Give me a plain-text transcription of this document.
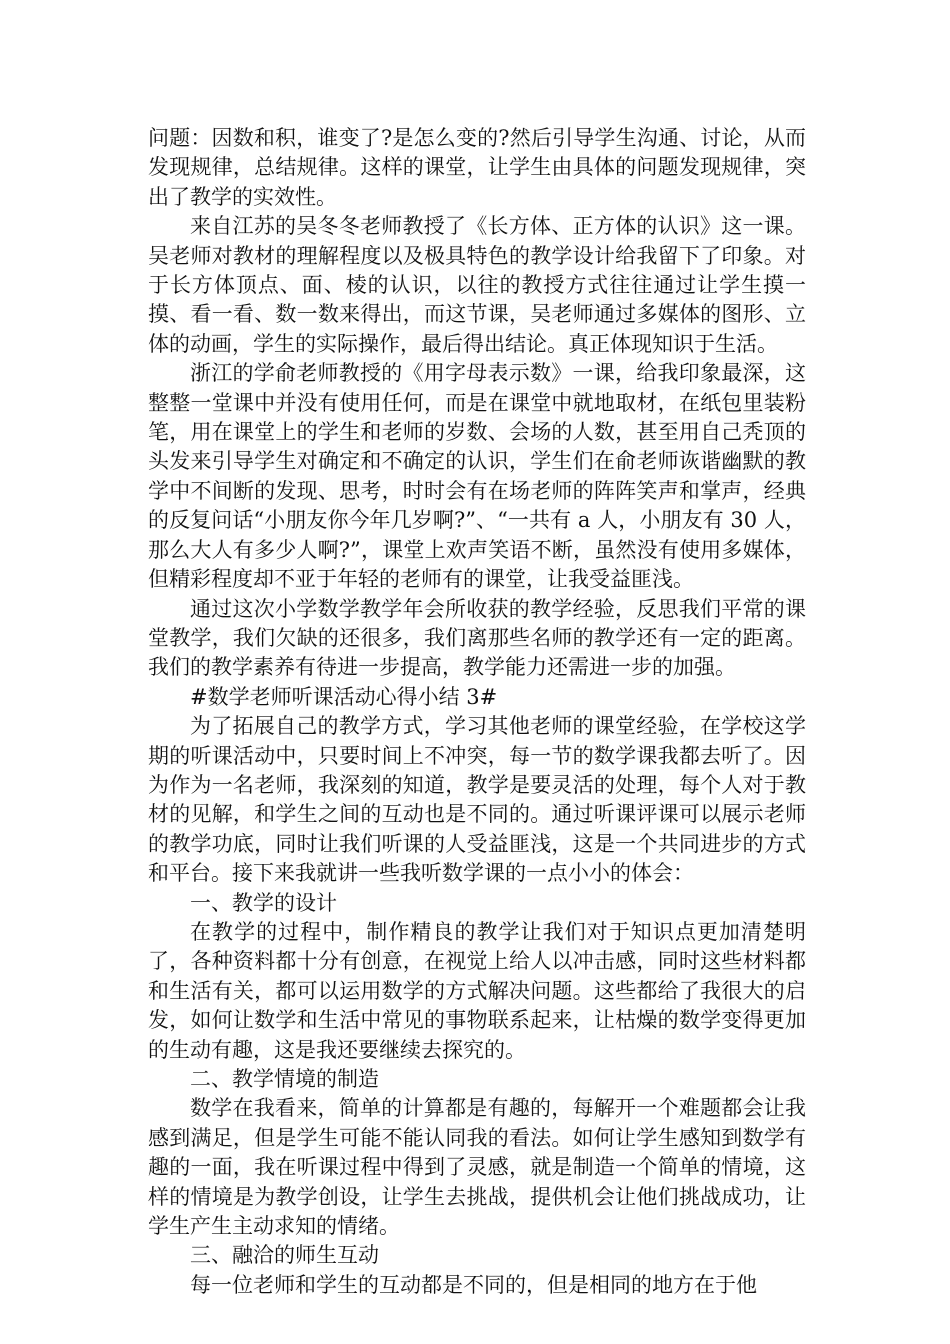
问题：因数和积，谁变了?是怎么变的?然后引导学生沟通、讨论，从而发现规律，总结规律。这样的课堂，让学生由具体的问题发现规律，突出了教学的实效性。

来自江苏的吴冬冬老师教授了《长方体、正方体的认识》这一课。吴老师对教材的理解程度以及极具特色的教学设计给我留下了印象。对于长方体顶点、面、棱的认识，以往的教授方式往往通过让学生摸一摸、看一看、数一数来得出，而这节课，吴老师通过多媒体的图形、立体的动画，学生的实际操作，最后得出结论。真正体现知识于生活。

浙江的学俞老师教授的《用字母表示数》一课，给我印象最深，这整整一堂课中并没有使用任何，而是在课堂中就地取材，在纸包里装粉笔，用在课堂上的学生和老师的岁数、会场的人数，甚至用自己秃顶的头发来引导学生对确定和不确定的认识，学生们在俞老师诙谐幽默的教学中不间断的发现、思考，时时会有在场老师的阵阵笑声和掌声，经典的反复问话“小朋友你今年几岁啊?”、“一共有 a 人，小朋友有 30 人，那么大人有多少人啊?”，课堂上欢声笑语不断，虽然没有使用多媒体，但精彩程度却不亚于年轻的老师有的课堂，让我受益匪浅。

通过这次小学数学教学年会所收获的教学经验，反思我们平常的课堂教学，我们欠缺的还很多，我们离那些名师的教学还有一定的距离。我们的教学素养有待进一步提高，教学能力还需进一步的加强。

#数学老师听课活动心得小结 3#

为了拓展自己的教学方式，学习其他老师的课堂经验，在学校这学期的听课活动中，只要时间上不冲突，每一节的数学课我都去听了。因为作为一名老师，我深刻的知道，教学是要灵活的处理，每个人对于教材的见解，和学生之间的互动也是不同的。通过听课评课可以展示老师的教学功底，同时让我们听课的人受益匪浅，这是一个共同进步的方式和平台。接下来我就讲一些我听数学课的一点小小的体会：

一、教学的设计

在教学的过程中，制作精良的教学让我们对于知识点更加清楚明了，各种资料都十分有创意，在视觉上给人以冲击感，同时这些材料都和生活有关，都可以运用数学的方式解决问题。这些都给了我很大的启发，如何让数学和生活中常见的事物联系起来，让枯燥的数学变得更加的生动有趣，这是我还要继续去探究的。

二、教学情境的制造

数学在我看来，简单的计算都是有趣的，每解开一个难题都会让我感到满足，但是学生可能不能认同我的看法。如何让学生感知到数学有趣的一面，我在听课过程中得到了灵感，就是制造一个简单的情境，这样的情境是为教学创设，让学生去挑战，提供机会让他们挑战成功，让学生产生主动求知的情绪。

三、融洽的师生互动

每一位老师和学生的互动都是不同的，但是相同的地方在于他
